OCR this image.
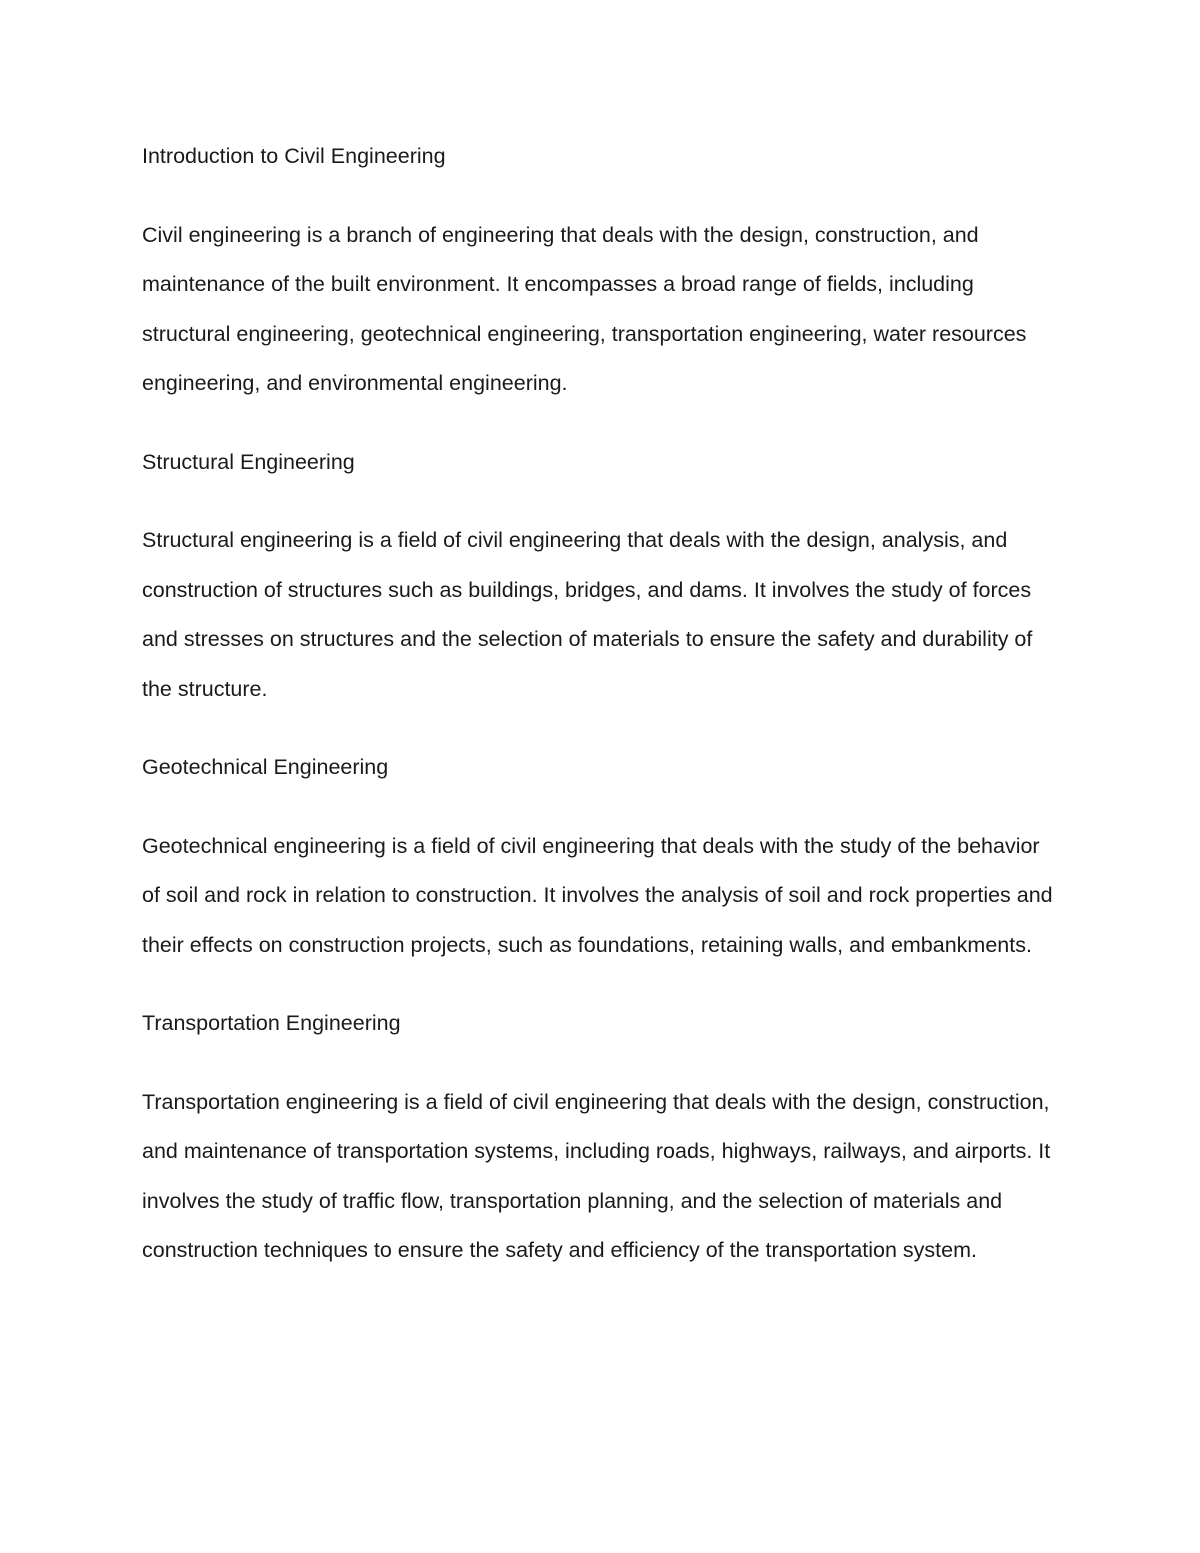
Introduction to Civil Engineering

Civil engineering is a branch of engineering that deals with the design, construction, and maintenance of the built environment. It encompasses a broad range of fields, including structural engineering, geotechnical engineering, transportation engineering, water resources engineering, and environmental engineering.

Structural Engineering

Structural engineering is a field of civil engineering that deals with the design, analysis, and construction of structures such as buildings, bridges, and dams. It involves the study of forces and stresses on structures and the selection of materials to ensure the safety and durability of the structure.

Geotechnical Engineering

Geotechnical engineering is a field of civil engineering that deals with the study of the behavior of soil and rock in relation to construction. It involves the analysis of soil and rock properties and their effects on construction projects, such as foundations, retaining walls, and embankments.

Transportation Engineering

Transportation engineering is a field of civil engineering that deals with the design, construction, and maintenance of transportation systems, including roads, highways, railways, and airports. It involves the study of traffic flow, transportation planning, and the selection of materials and construction techniques to ensure the safety and efficiency of the transportation system.
